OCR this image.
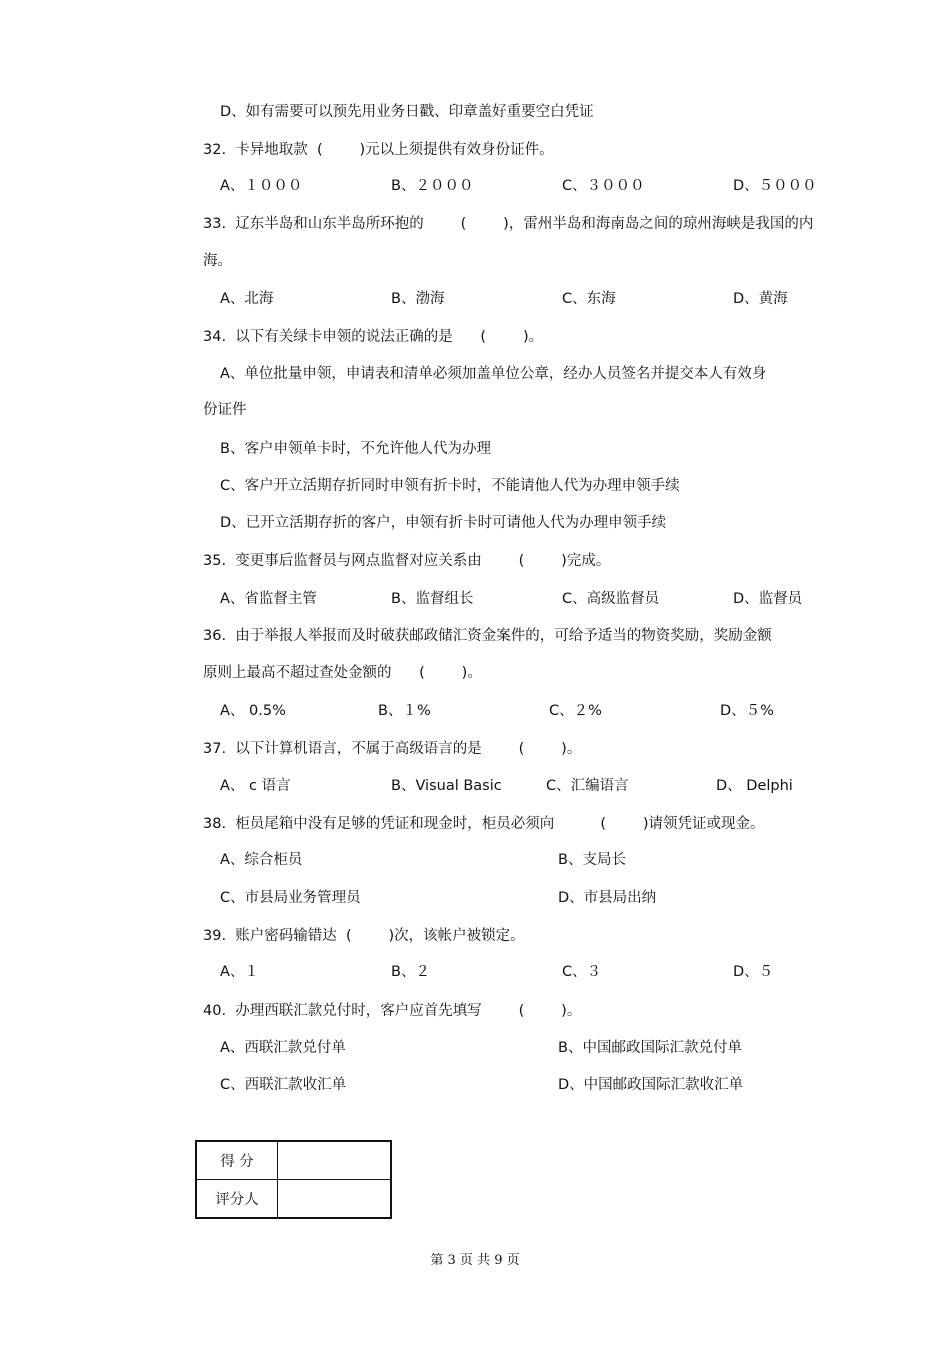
D、如有需要可以预先用业务日戳、印章盖好重要空白凭证
32.  卡异地取款  (        )元以上须提供有效身份证件。
A、１０００	B、２０００	C、３０００	D、５０００
33.  辽东半岛和山东半岛所环抱的        (        )，雷州半岛和海南岛之间的琼州海峡是我国的内
海。
A、北海	B、渤海	C、东海	D、黄海
34.  以下有关绿卡申领的说法正确的是      (        )。
A、单位批量申领，申请表和清单必须加盖单位公章，经办人员签名并提交本人有效身
份证件
B、客户申领单卡时，不允许他人代为办理
C、客户开立活期存折同时申领有折卡时，不能请他人代为办理申领手续
D、已开立活期存折的客户，申领有折卡时可请他人代为办理申领手续
35.  变更事后监督员与网点监督对应关系由        (        )完成。
A、省监督主管	B、监督组长	C、高级监督员	D、监督员
36.  由于举报人举报而及时破获邮政储汇资金案件的，可给予适当的物资奖励，奖励金额
原则上最高不超过查处金额的      (        )。
A、 0.5%	B、１%	C、２%	D、５%
37.  以下计算机语言，不属于高级语言的是        (        )。
A、 c 语言	B、Visual Basic	C、汇编语言	D、 Delphi
38.  柜员尾箱中没有足够的凭证和现金时，柜员必须向          (        )请领凭证或现金。
A、综合柜员	B、支局长
C、市县局业务管理员	D、市县局出纳
39.  账户密码输错达  (        )次，该帐户被锁定。
A、１	B、２	C、３	D、５
40.  办理西联汇款兑付时，客户应首先填写        (        )。
A、西联汇款兑付单	B、中国邮政国际汇款兑付单
C、西联汇款收汇单	D、中国邮政国际汇款收汇单
得 分	
评分人	
第 3 页 共 9 页
